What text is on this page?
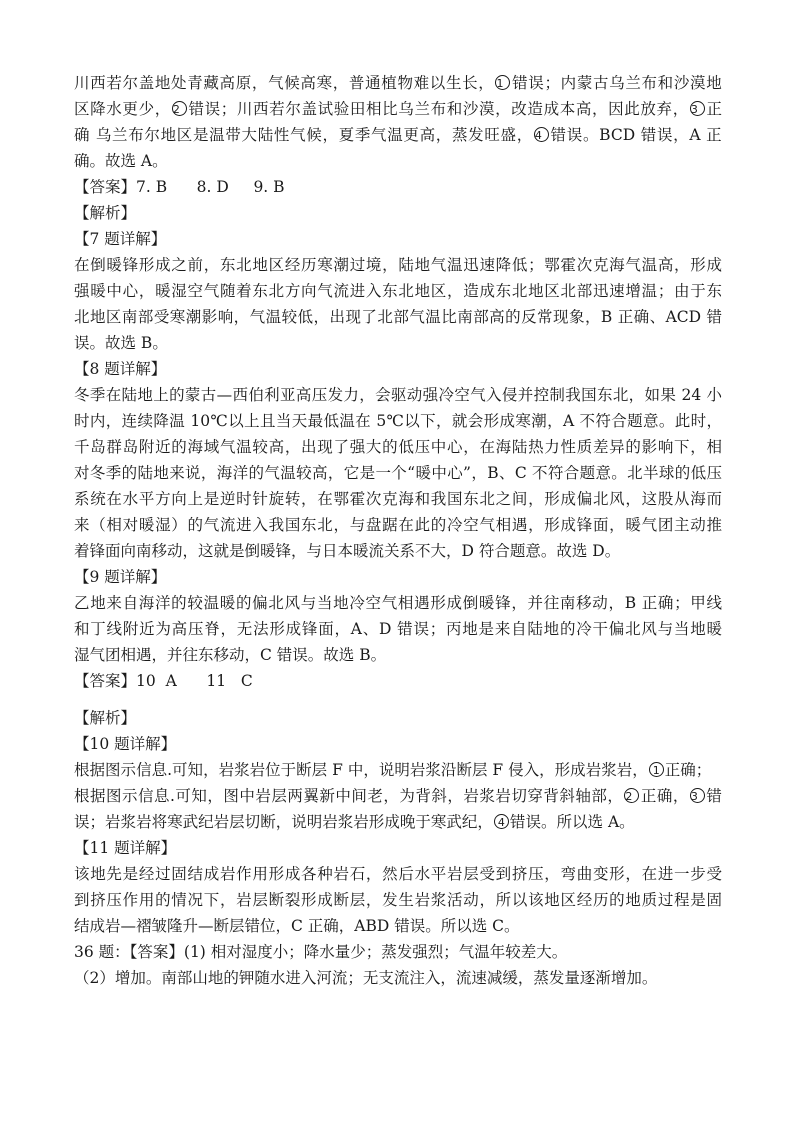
川西若尔盖地处青藏高原，气候高寒，普通植物难以生长， 1 错误；内蒙古乌兰布和沙漠地
区降水更少， 2 错误；川西若尔盖试验田相比乌兰布和沙漠，改造成本高，因此放弃， 3 正
确 乌兰布尔地区是温带大陆性气候，夏季气温更高，蒸发旺盛， 4 错误。BCD 错误，A 正
确。故选 A。
【答案】7. B      8. D     9. B
【解析】
【7 题详解】
在倒暖锋形成之前，东北地区经历寒潮过境，陆地气温迅速降低；鄂霍次克海气温高，形成
强暖中心，暖湿空气随着东北方向气流进入东北地区，造成东北地区北部迅速增温；由于东
北地区南部受寒潮影响，气温较低，出现了北部气温比南部高的反常现象，B 正确、ACD 错
误。故选 B。
【8 题详解】
冬季在陆地上的蒙古—西伯利亚高压发力，会驱动强冷空气入侵并控制我国东北，如果 24 小
时内，连续降温 10℃以上且当天最低温在 5℃以下，就会形成寒潮，A 不符合题意。此时，
千岛群岛附近的海域气温较高，出现了强大的低压中心，在海陆热力性质差异的影响下，相
对冬季的陆地来说，海洋的气温较高，它是一个“暖中心”，B、C 不符合题意。北半球的低压
系统在水平方向上是逆时针旋转，在鄂霍次克海和我国东北之间，形成偏北风，这股从海而
来（相对暖湿）的气流进入我国东北，与盘踞在此的冷空气相遇，形成锋面，暖气团主动推
着锋面向南移动，这就是倒暖锋，与日本暖流关系不大，D 符合题意。故选 D。
【9 题详解】
乙地来自海洋的较温暖的偏北风与当地冷空气相遇形成倒暖锋，并往南移动，B 正确；甲线
和丁线附近为高压脊，无法形成锋面，A、D 错误；丙地是来自陆地的冷干偏北风与当地暖
湿气团相遇，并往东移动，C 错误。故选 B。
【答案】10  A      11   C
【解析】
【10 题详解】
根据图示信息.可知，岩浆岩位于断层 F 中，说明岩浆沿断层 F 侵入，形成岩浆岩， 1 正确；
根据图示信息.可知，图中岩层两翼新中间老，为背斜，岩浆岩切穿背斜轴部， 2 正确， 3 错
误；岩浆岩将寒武纪岩层切断，说明岩浆岩形成晚于寒武纪， 4 错误。所以选 A。
【11 题详解】
该地先是经过固结成岩作用形成各种岩石，然后水平岩层受到挤压，弯曲变形，在进一步受
到挤压作用的情况下，岩层断裂形成断层，发生岩浆活动，所以该地区经历的地质过程是固
结成岩—褶皱隆升—断层错位，C 正确，ABD 错误。所以选 C。
36 题：【答案】(1) 相对湿度小；降水量少；蒸发强烈；气温年较差大。
（2）增加。南部山地的钾随水进入河流；无支流注入，流速减缓，蒸发量逐渐增加。
